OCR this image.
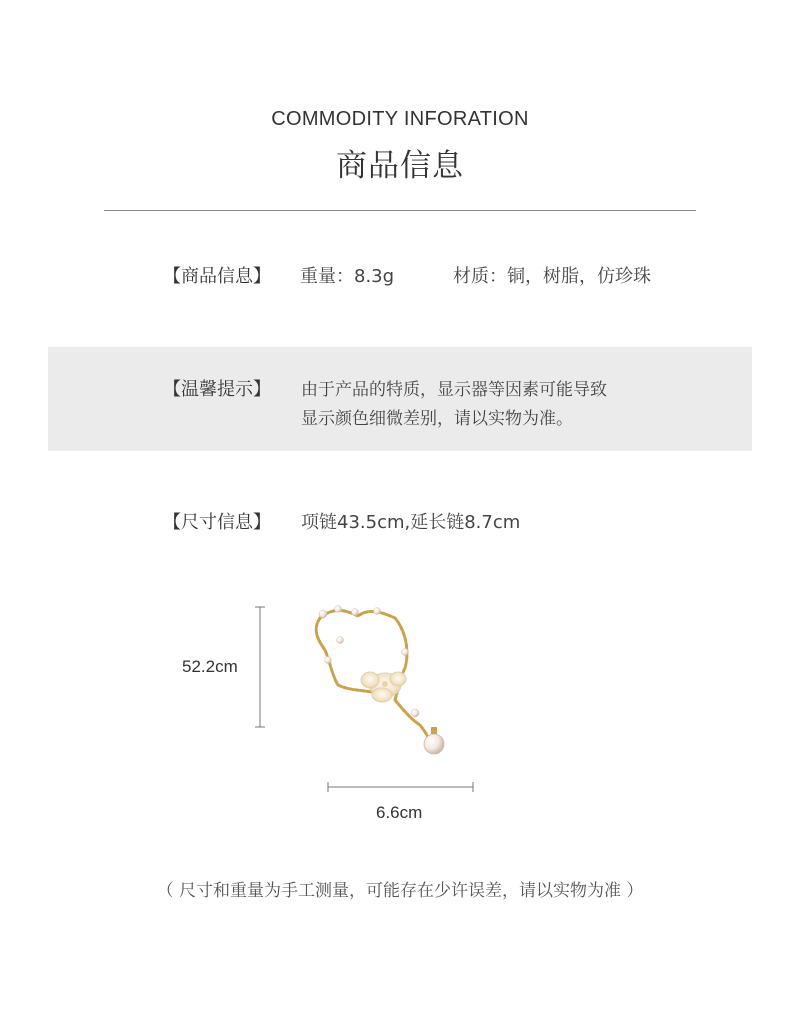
COMMODITY INFORATION
商品信息
【商品信息】 重量：8.3g	材质：铜，树脂，仿珍珠
【温馨提示】 由于产品的特质，显示器等因素可能导致
显示颜色细微差别，请以实物为准。
【尺寸信息】 项链43.5cm,延长链8.7cm
52.2cm
6.6cm
（ 尺寸和重量为手工测量，可能存在少许误差，请以实物为准 ）
